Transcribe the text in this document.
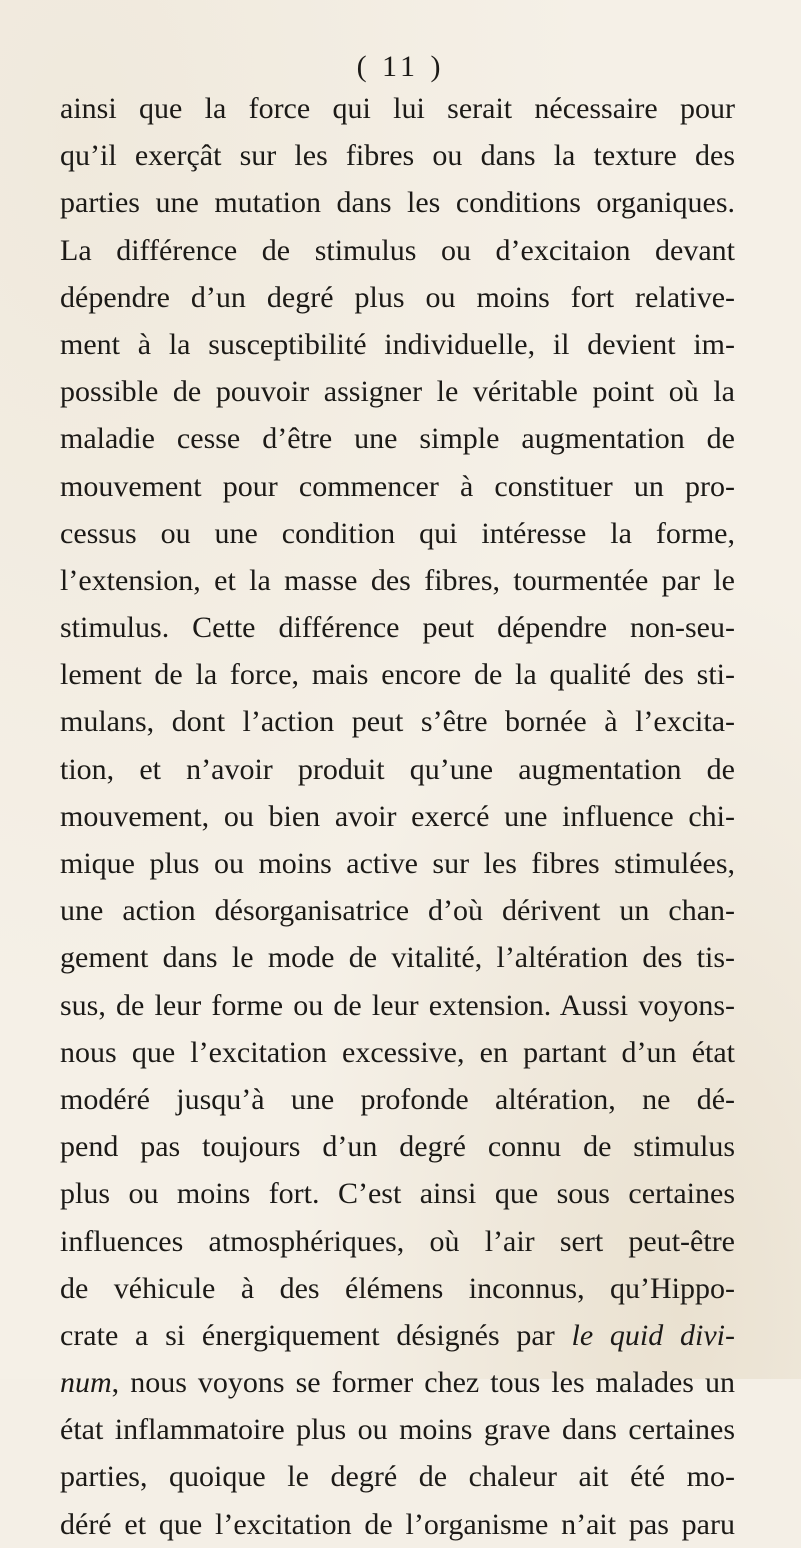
( 11 )
ainsi que la force qui lui serait nécessaire pour
qu’il exerçât sur les fibres ou dans la texture des
parties une mutation dans les conditions organiques.
La différence de stimulus ou d’excitaion devant
dépendre d’un degré plus ou moins fort relative-
ment à la susceptibilité individuelle, il devient im-
possible de pouvoir assigner le véritable point où la
maladie cesse d’être une simple augmentation de
mouvement pour commencer à constituer un pro-
cessus ou une condition qui intéresse la forme,
l’extension, et la masse des fibres, tourmentée par le
stimulus. Cette différence peut dépendre non-seu-
lement de la force, mais encore de la qualité des sti-
mulans, dont l’action peut s’être bornée à l’excita-
tion, et n’avoir produit qu’une augmentation de
mouvement, ou bien avoir exercé une influence chi-
mique plus ou moins active sur les fibres stimulées,
une action désorganisatrice d’où dérivent un chan-
gement dans le mode de vitalité, l’altération des tis-
sus, de leur forme ou de leur extension. Aussi voyons-
nous que l’excitation excessive, en partant d’un état
modéré jusqu’à une profonde altération, ne dé-
pend pas toujours d’un degré connu de stimulus
plus ou moins fort. C’est ainsi que sous certaines
influences atmosphériques, où l’air sert peut-être
de véhicule à des élémens inconnus, qu’Hippo-
crate a si énergiquement désignés par le quid divi-
num, nous voyons se former chez tous les malades un
état inflammatoire plus ou moins grave dans certaines
parties, quoique le degré de chaleur ait été mo-
déré et que l’excitation de l’organisme n’ait pas paru
